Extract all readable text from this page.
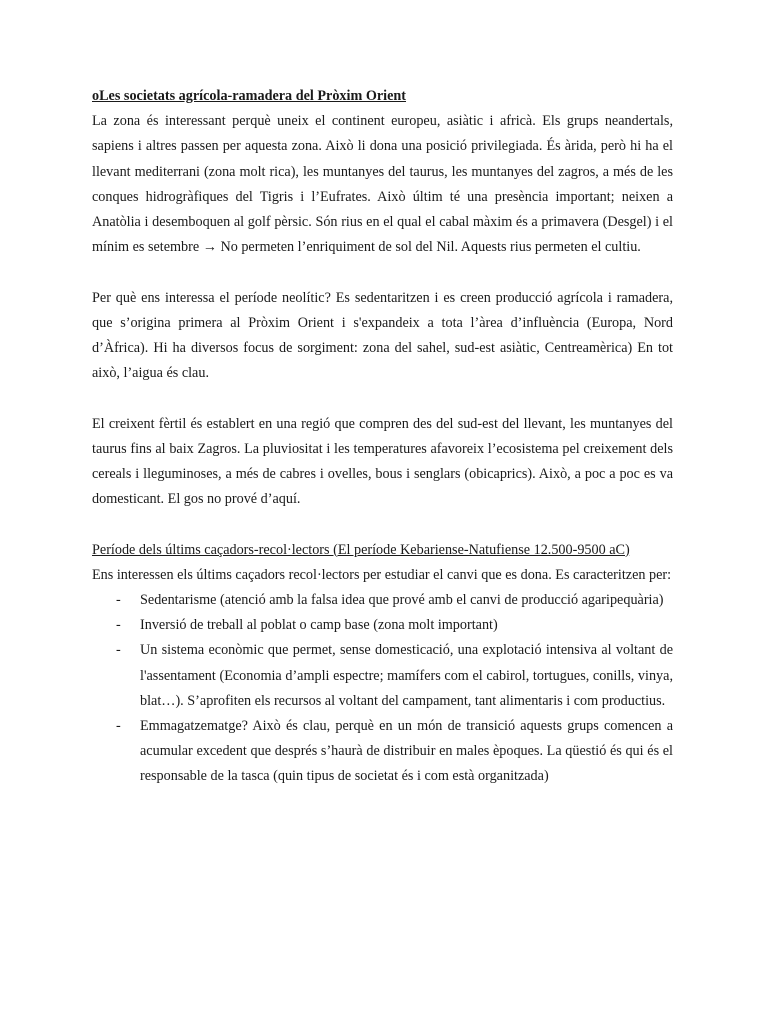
oLes societats agrícola-ramadera del Pròxim Orient

La zona és interessant perquè uneix el continent europeu, asiàtic i africà. Els grups neandertals, sapiens i altres passen per aquesta zona. Això li dona una posició privilegiada. És àrida, però hi ha el llevant mediterrani (zona molt rica), les muntanyes del taurus, les muntanyes del zagros, a més de les conques hidrogràfiques del Tigris i l’Eufrates. Això últim té una presència important; neixen a Anatòlia i desemboquen al golf pèrsic. Són rius en el qual el cabal màxim és a primavera (Desgel) i el mínim es setembre → No permeten l’enriquiment de sol del Nil. Aquests rius permeten el cultiu.

Per què ens interessa el període neolític? Es sedentaritzen i es creen producció agrícola i ramadera, que s’origina primera al Pròxim Orient i s'expandeix a tota l’àrea d’influència (Europa, Nord d’Àfrica). Hi ha diversos focus de sorgiment: zona del sahel, sud-est asiàtic, Centreamèrica) En tot això, l’aigua és clau.

El creixent fèrtil és establert en una regió que compren des del sud-est del llevant, les muntanyes del taurus fins al baix Zagros. La pluviositat i les temperatures afavoreix l’ecosistema pel creixement dels cereals i lleguminoses, a més de cabres i ovelles, bous i senglars (obicaprics). Això, a poc a poc es va domesticant. El gos no prové d’aquí.

Període dels últims caçadors-recol·lectors (El període Kebariense-Natufiense 12.500-9500 aC)

Ens interessen els últims caçadors recol·lectors per estudiar el canvi que es dona. Es caracteritzen per:

- Sedentarisme (atenció amb la falsa idea que prové amb el canvi de producció agaripequària)
- Inversió de treball al poblat o camp base (zona molt important)
- Un sistema econòmic que permet, sense domesticació, una explotació intensiva al voltant de l'assentament (Economia d’ampli espectre; mamífers com el cabirol, tortugues, conills, vinya, blat…). S’aprofiten els recursos al voltant del campament, tant alimentaris i com productius.
- Emmagatzematge? Això és clau, perquè en un món de transició aquests grups comencen a acumular excedent que després s’haurà de distribuir en males èpoques. La qüestió és qui és el responsable de la tasca (quin tipus de societat és i com està organitzada)
